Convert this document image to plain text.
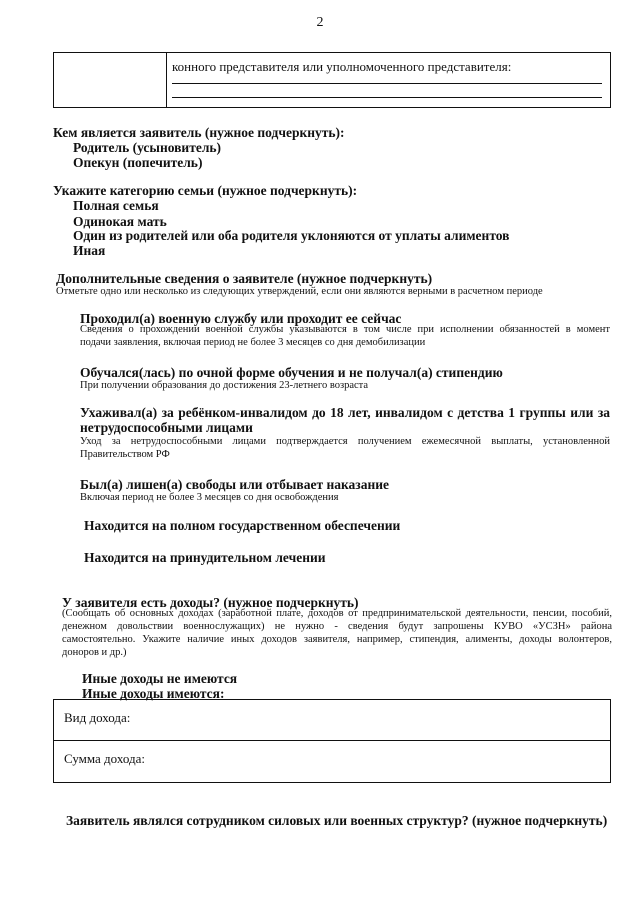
2
конного представителя или уполномоченного представителя:
Кем является заявитель (нужное подчеркнуть):
Родитель (усыновитель)
Опекун (попечитель)
Укажите категорию семьи (нужное подчеркнуть):
Полная семья
Одинокая мать
Один из родителей или оба родителя уклоняются от уплаты алиментов
Иная
Дополнительные сведения о заявителе (нужное подчеркнуть)
Отметьте одно или несколько из следующих утверждений, если они являются верными в расчетном периоде
Проходил(а) военную службу или проходит ее сейчас
Сведения о прохождении военной службы указываются в том числе при исполнении обязанностей в момент
подачи заявления, включая период не более 3 месяцев со дня демобилизации
Обучался(лась) по очной форме обучения и не получал(а) стипендию
При получении образования до достижения 23-летнего возраста
Ухаживал(а) за ребёнком-инвалидом до 18 лет, инвалидом с детства 1 группы или за
нетрудоспособными лицами
Уход за нетрудоспособными лицами подтверждается получением ежемесячной выплаты, установленной
Правительством РФ
Был(а) лишен(а) свободы или отбывает наказание
Включая период не более 3 месяцев со дня освобождения
Находится на полном государственном обеспечении
Находится на принудительном лечении
У заявителя есть доходы? (нужное подчеркнуть)
(Сообщать об основных доходах (заработной плате, доходов от предпринимательской деятельности, пенсии, пособий,
денежном довольствии военнослужащих) не нужно - сведения будут запрошены КУВО «УСЗН» района
самостоятельно. Укажите наличие иных доходов заявителя, например, стипендия, алименты, доходы волонтеров,
доноров и др.)
Иные доходы не имеются
Иные доходы имеются:
Вид дохода:
Сумма дохода:
Заявитель являлся сотрудником силовых или военных структур? (нужное подчеркнуть)
